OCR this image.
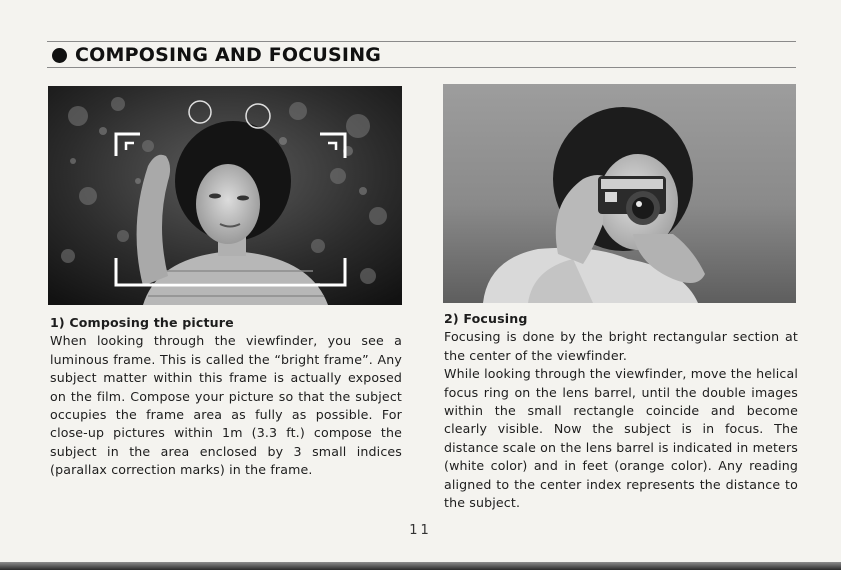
COMPOSING AND FOCUSING
1) Composing the picture

When looking through the viewfinder, you see a luminous frame. This is called the “bright frame”. Any subject matter within this frame is actually exposed on the film. Compose your picture so that the subject occupies the frame area as fully as possible. For close-up pictures within 1m (3.3 ft.) compose the subject in the area enclosed by 3 small indices (parallax correction marks) in the frame.

2) Focusing

Focusing is done by the bright rectangular section at the center of the viewfinder.

While looking through the viewfinder, move the helical focus ring on the lens barrel, until the double images within the small rectangle coincide and become clearly visible. Now the subject is in focus. The distance scale on the lens barrel is indicated in meters (white color) and in feet (orange color). Any reading aligned to the center index represents the distance to the subject.

11
